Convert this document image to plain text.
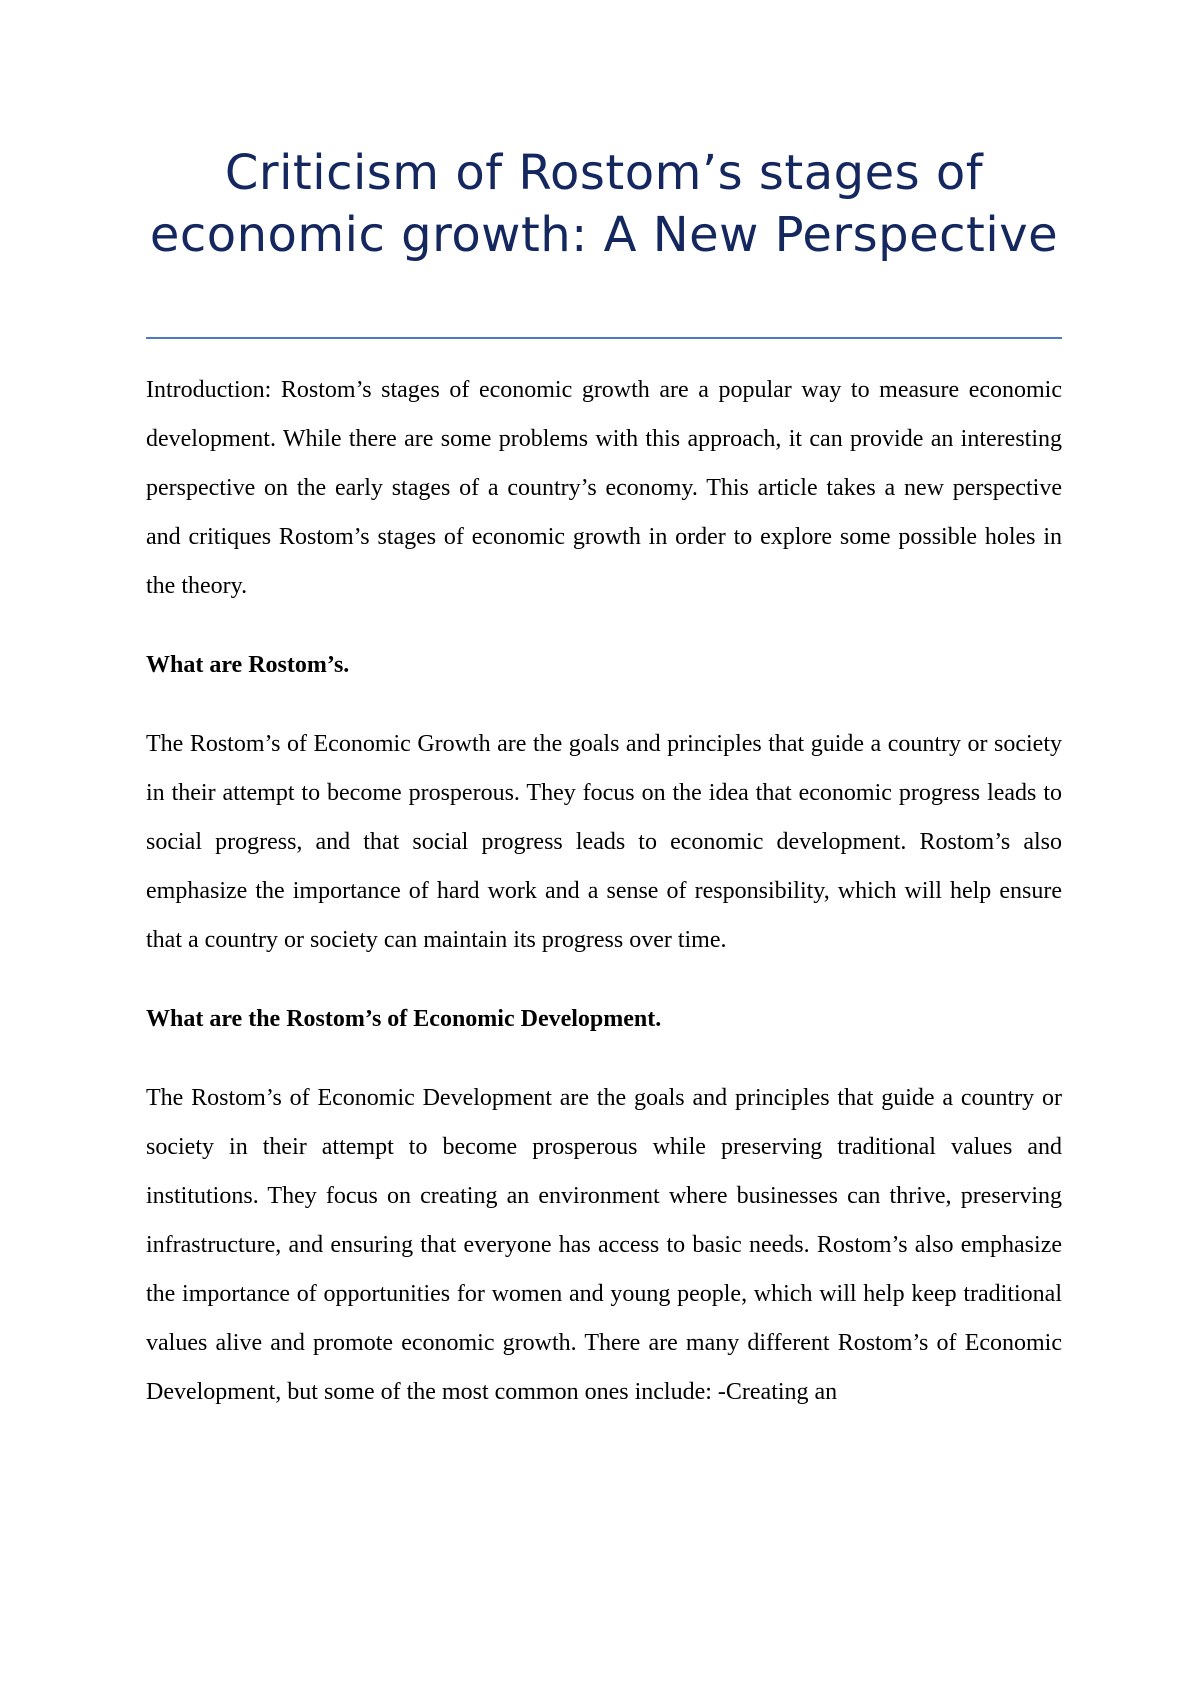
Criticism of Rostom’s stages of economic growth: A New Perspective

Introduction: Rostom’s stages of economic growth are a popular way to measure economic development. While there are some problems with this approach, it can provide an interesting perspective on the early stages of a country’s economy. This article takes a new perspective and critiques Rostom’s stages of economic growth in order to explore some possible holes in the theory.

What are Rostom’s.

The Rostom’s of Economic Growth are the goals and principles that guide a country or society in their attempt to become prosperous. They focus on the idea that economic progress leads to social progress, and that social progress leads to economic development. Rostom’s also emphasize the importance of hard work and a sense of responsibility, which will help ensure that a country or society can maintain its progress over time.

What are the Rostom’s of Economic Development.

The Rostom’s of Economic Development are the goals and principles that guide a country or society in their attempt to become prosperous while preserving traditional values and institutions. They focus on creating an environment where businesses can thrive, preserving infrastructure, and ensuring that everyone has access to basic needs. Rostom’s also emphasize the importance of opportunities for women and young people, which will help keep traditional values alive and promote economic growth. There are many different Rostom’s of Economic Development, but some of the most common ones include: -Creating an
